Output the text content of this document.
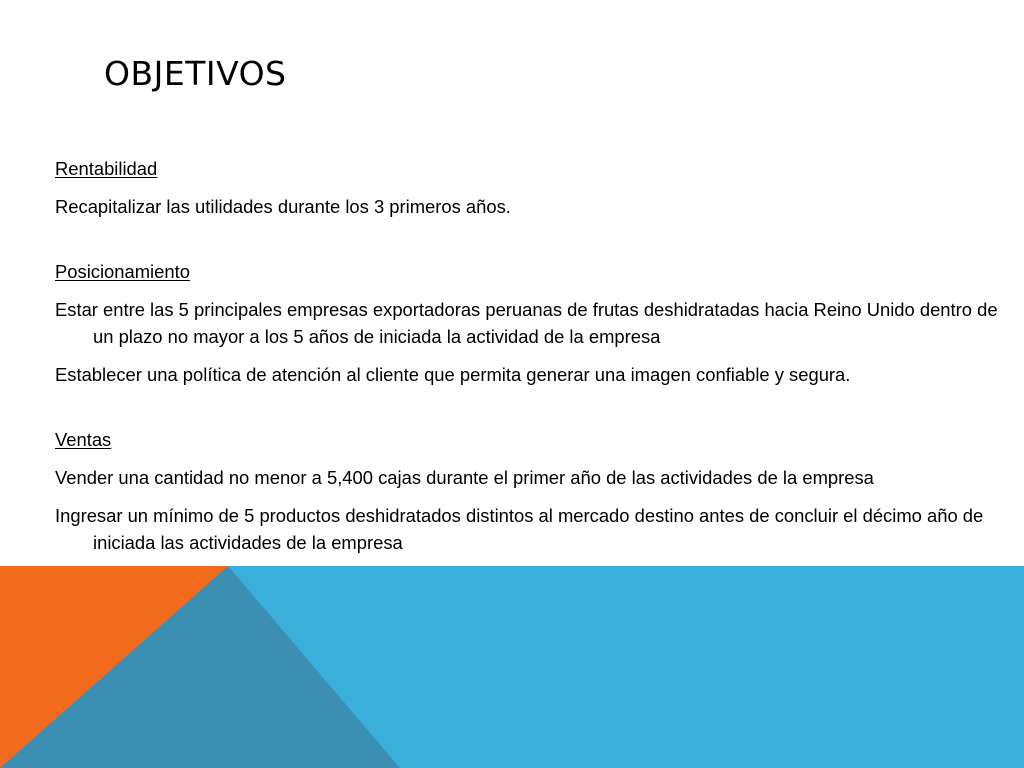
OBJETIVOS

Rentabilidad

Recapitalizar las utilidades durante los 3 primeros años.

Posicionamiento

Estar entre las 5 principales empresas exportadoras peruanas de frutas deshidratadas hacia Reino Unido dentro de un plazo no mayor a los 5 años de iniciada la actividad de la empresa

Establecer una política de atención al cliente que permita generar una imagen confiable y segura.

Ventas

Vender una cantidad no menor a 5,400 cajas durante el primer año de las actividades de la empresa

Ingresar un mínimo de 5 productos deshidratados distintos al mercado destino antes de concluir el décimo año de iniciada las actividades de la empresa
